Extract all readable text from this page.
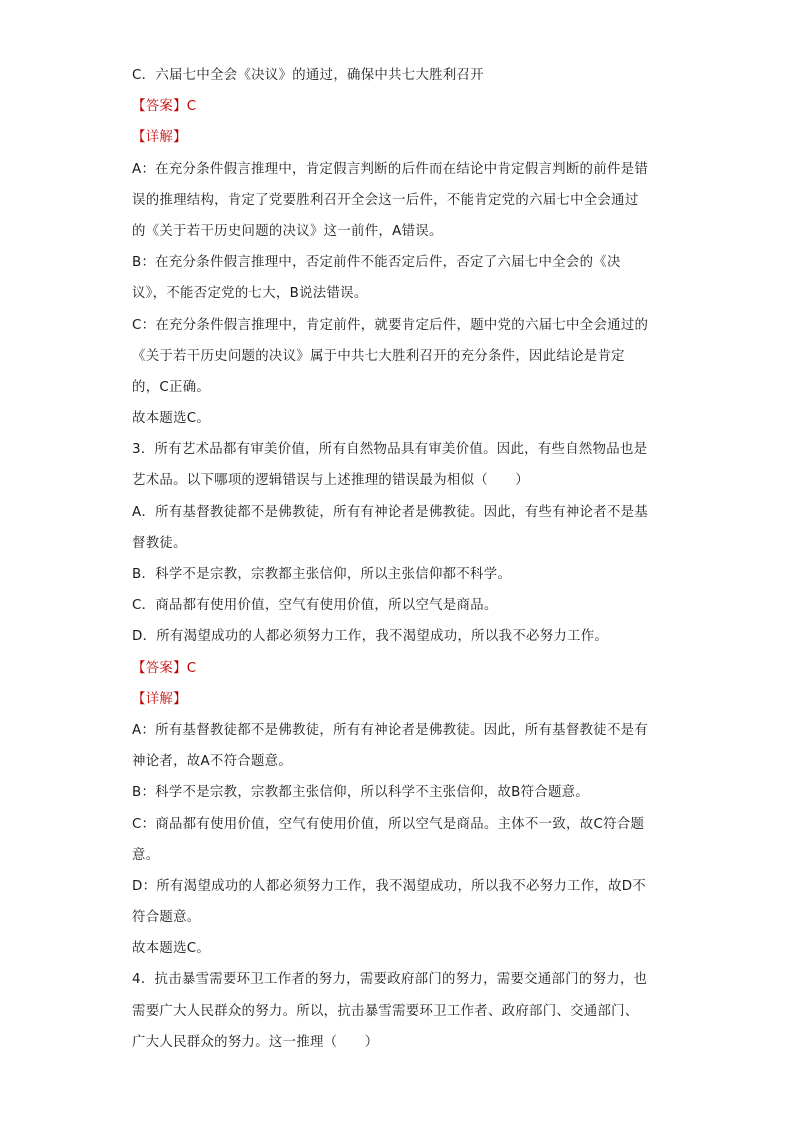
C．六届七中全会《决议》的通过，确保中共七大胜利召开
【答案】C
【详解】
A：在充分条件假言推理中，肯定假言判断的后件而在结论中肯定假言判断的前件是错
误的推理结构，肯定了党要胜利召开全会这一后件，不能肯定党的六届七中全会通过
的《关于若干历史问题的决议》这一前件，A错误。
B：在充分条件假言推理中，否定前件不能否定后件，否定了六届七中全会的《决
议》，不能否定党的七大，B说法错误。
C：在充分条件假言推理中，肯定前件，就要肯定后件，题中党的六届七中全会通过的
《关于若干历史问题的决议》属于中共七大胜利召开的充分条件，因此结论是肯定
的，C正确。
故本题选C。
3．所有艺术品都有审美价值，所有自然物品具有审美价值。因此，有些自然物品也是
艺术品。以下哪项的逻辑错误与上述推理的错误最为相似（　　）
A．所有基督教徒都不是佛教徒，所有有神论者是佛教徒。因此，有些有神论者不是基
督教徒。
B．科学不是宗教，宗教都主张信仰，所以主张信仰都不科学。
C．商品都有使用价值，空气有使用价值，所以空气是商品。
D．所有渴望成功的人都必须努力工作，我不渴望成功，所以我不必努力工作。
【答案】C
【详解】
A：所有基督教徒都不是佛教徒，所有有神论者是佛教徒。因此，所有基督教徒不是有
神论者，故A不符合题意。
B：科学不是宗教，宗教都主张信仰，所以科学不主张信仰，故B符合题意。
C：商品都有使用价值，空气有使用价值，所以空气是商品。主体不一致，故C符合题
意。
D：所有渴望成功的人都必须努力工作，我不渴望成功，所以我不必努力工作，故D不
符合题意。
故本题选C。
4．抗击暴雪需要环卫工作者的努力，需要政府部门的努力，需要交通部门的努力，也
需要广大人民群众的努力。所以，抗击暴雪需要环卫工作者、政府部门、交通部门、
广大人民群众的努力。这一推理（　　）
